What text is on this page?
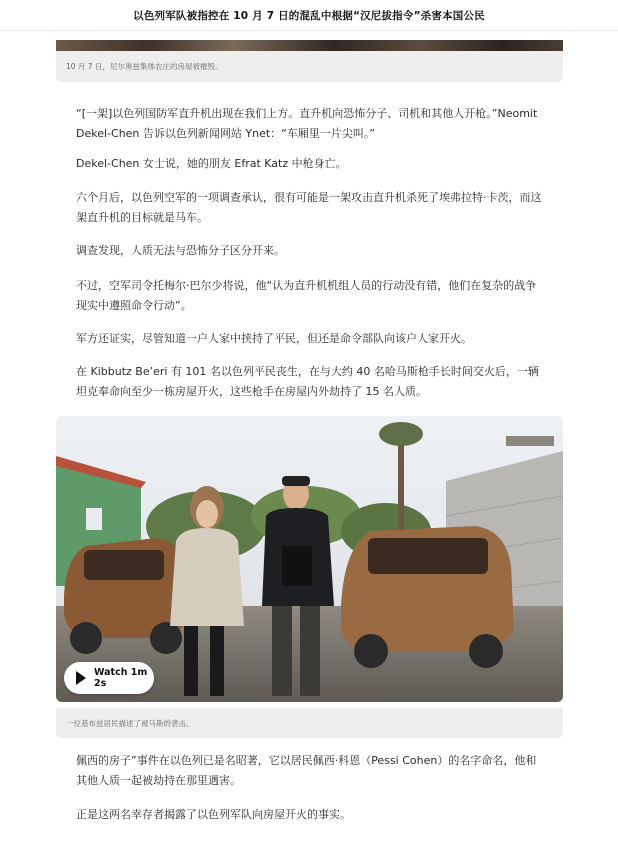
以色列军队被指控在 10 月 7 日的混乱中根据“汉尼拔指令”杀害本国公民
10 月 7 日，尼尔奥兹集体农庄的房屋被摧毁。

“[一架]以色列国防军直升机出现在我们上方。直升机向恐怖分子、司机和其他人开枪。”Neomit Dekel-Chen 告诉以色列新闻网站 Ynet：“车厢里一片尖叫。”

Dekel-Chen 女士说，她的朋友 Efrat Katz 中枪身亡。

六个月后，以色列空军的一项调查承认，很有可能是一架攻击直升机杀死了埃弗拉特·卡茨，而这架直升机的目标就是马车。

调查发现，人质无法与恐怖分子区分开来。

不过，空军司令托梅尔·巴尔少将说，他“认为直升机机组人员的行动没有错，他们在复杂的战争现实中遵照命令行动”。

军方还证实，尽管知道一户人家中挟持了平民，但还是命令部队向该户人家开火。

在 Kibbutz Be’eri 有 101 名以色列平民丧生，在与大约 40 名哈马斯枪手长时间交火后，一辆坦克奉命向至少一栋房屋开火，这些枪手在房屋内外劫持了 15 名人质。

Watch 1m 2s
一位基布兹居民描述了被马斯的袭击。

佩西的房子”事件在以色列已是名昭著，它以居民佩西·科恩（Pessi Cohen）的名字命名，他和其他人质一起被劫持在那里遇害。

正是这两名幸存者揭露了以色列军队向房屋开火的事实。
